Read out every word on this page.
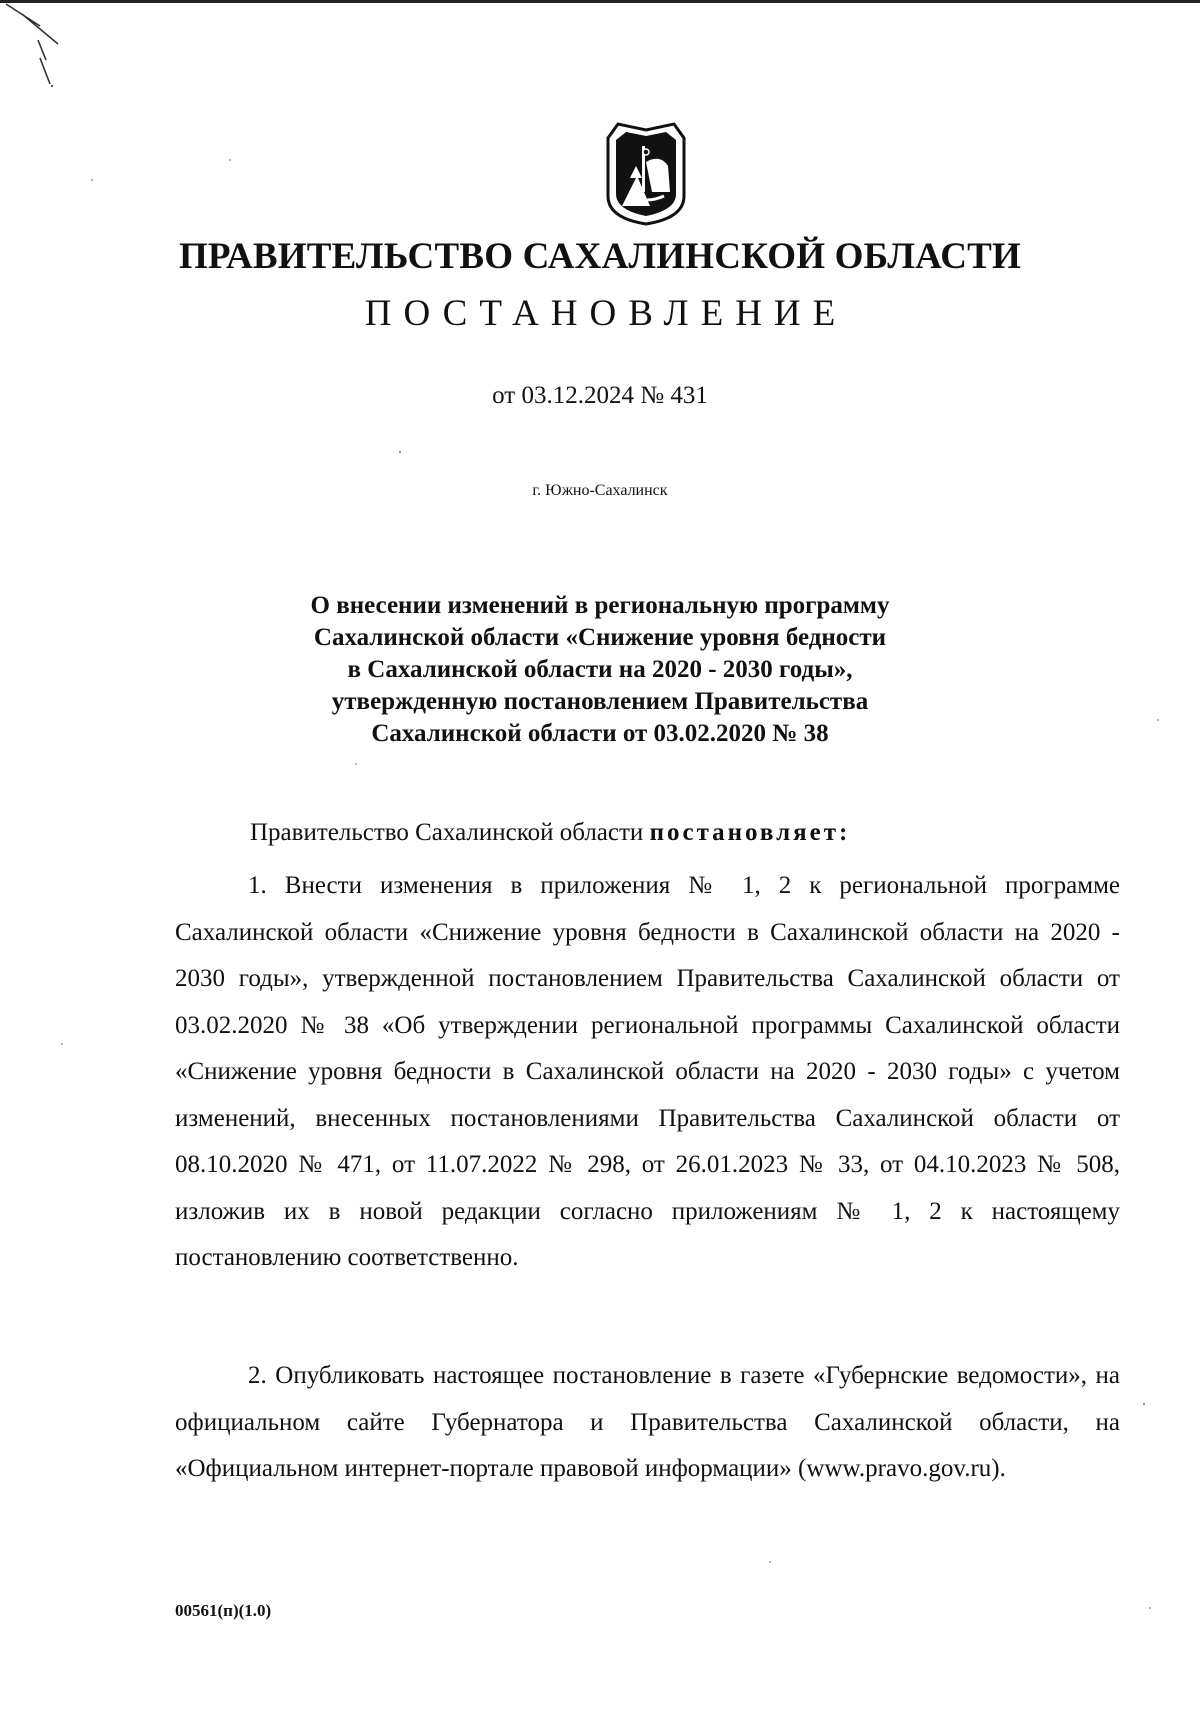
ПРАВИТЕЛЬСТВО САХАЛИНСКОЙ ОБЛАСТИ
ПОСТАНОВЛЕНИЕ
от 03.12.2024 № 431
г. Южно-Сахалинск
О внесении изменений в региональную программу
Сахалинской области «Снижение уровня бедности
в Сахалинской области на 2020 - 2030 годы»,
утвержденную постановлением Правительства
Сахалинской области от 03.02.2020 № 38
Правительство Сахалинской области постановляет:
1. Внести изменения в приложения № 1, 2 к региональной программе Сахалинской области «Снижение уровня бедности в Сахалинской области на 2020 - 2030 годы», утвержденной постановлением Правительства Сахалинской области от 03.02.2020 № 38 «Об утверждении региональной программы Сахалинской области «Снижение уровня бедности в Сахалинской области на 2020 - 2030 годы» с учетом изменений, внесенных постановлениями Правительства Сахалинской области от 08.10.2020 № 471, от 11.07.2022 № 298, от 26.01.2023 № 33, от 04.10.2023 № 508, изложив их в новой редакции согласно приложениям № 1, 2 к настоящему постановлению соответственно.
2. Опубликовать настоящее постановление в газете «Губернские ведомости», на официальном сайте Губернатора и Правительства Сахалинской области, на «Официальном интернет-портале правовой информации» (www.pravo.gov.ru).
00561(п)(1.0)
